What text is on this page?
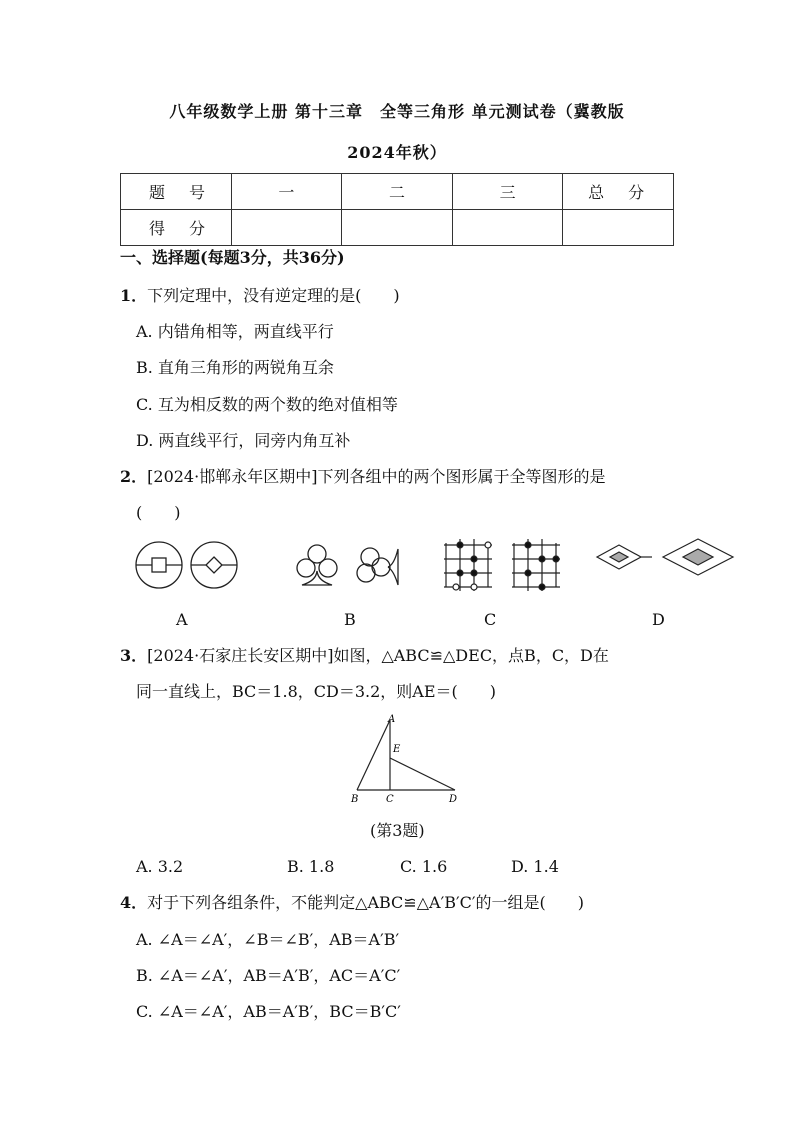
八年级数学上册 第十三章　全等三角形 单元测试卷（冀教版
2024年秋）
题　号	一	二	三	总　分
得　分				
一、选择题(每题3分，共36分)
1．下列定理中，没有逆定理的是(　　)
A. 内错角相等，两直线平行
B. 直角三角形的两锐角互余
C. 互为相反数的两个数的绝对值相等
D. 两直线平行，同旁内角互补
2．[2024·邯郸永年区期中]下列各组中的两个图形属于全等图形的是
(　　)
A	B	C	D
3．[2024·石家庄长安区期中]如图，△ABC≌△DEC，点B，C，D在
同一直线上，BC＝1.8，CD＝3.2，则AE＝(　　)
A
E
B	C	D
(第3题)
A. 3.2	B. 1.8	C. 1.6	D. 1.4
4．对于下列各组条件，不能判定△ABC≌△A′B′C′的一组是(　　)
A. ∠A＝∠A′，∠B＝∠B′，AB＝A′B′
B. ∠A＝∠A′，AB＝A′B′，AC＝A′C′
C. ∠A＝∠A′，AB＝A′B′，BC＝B′C′
